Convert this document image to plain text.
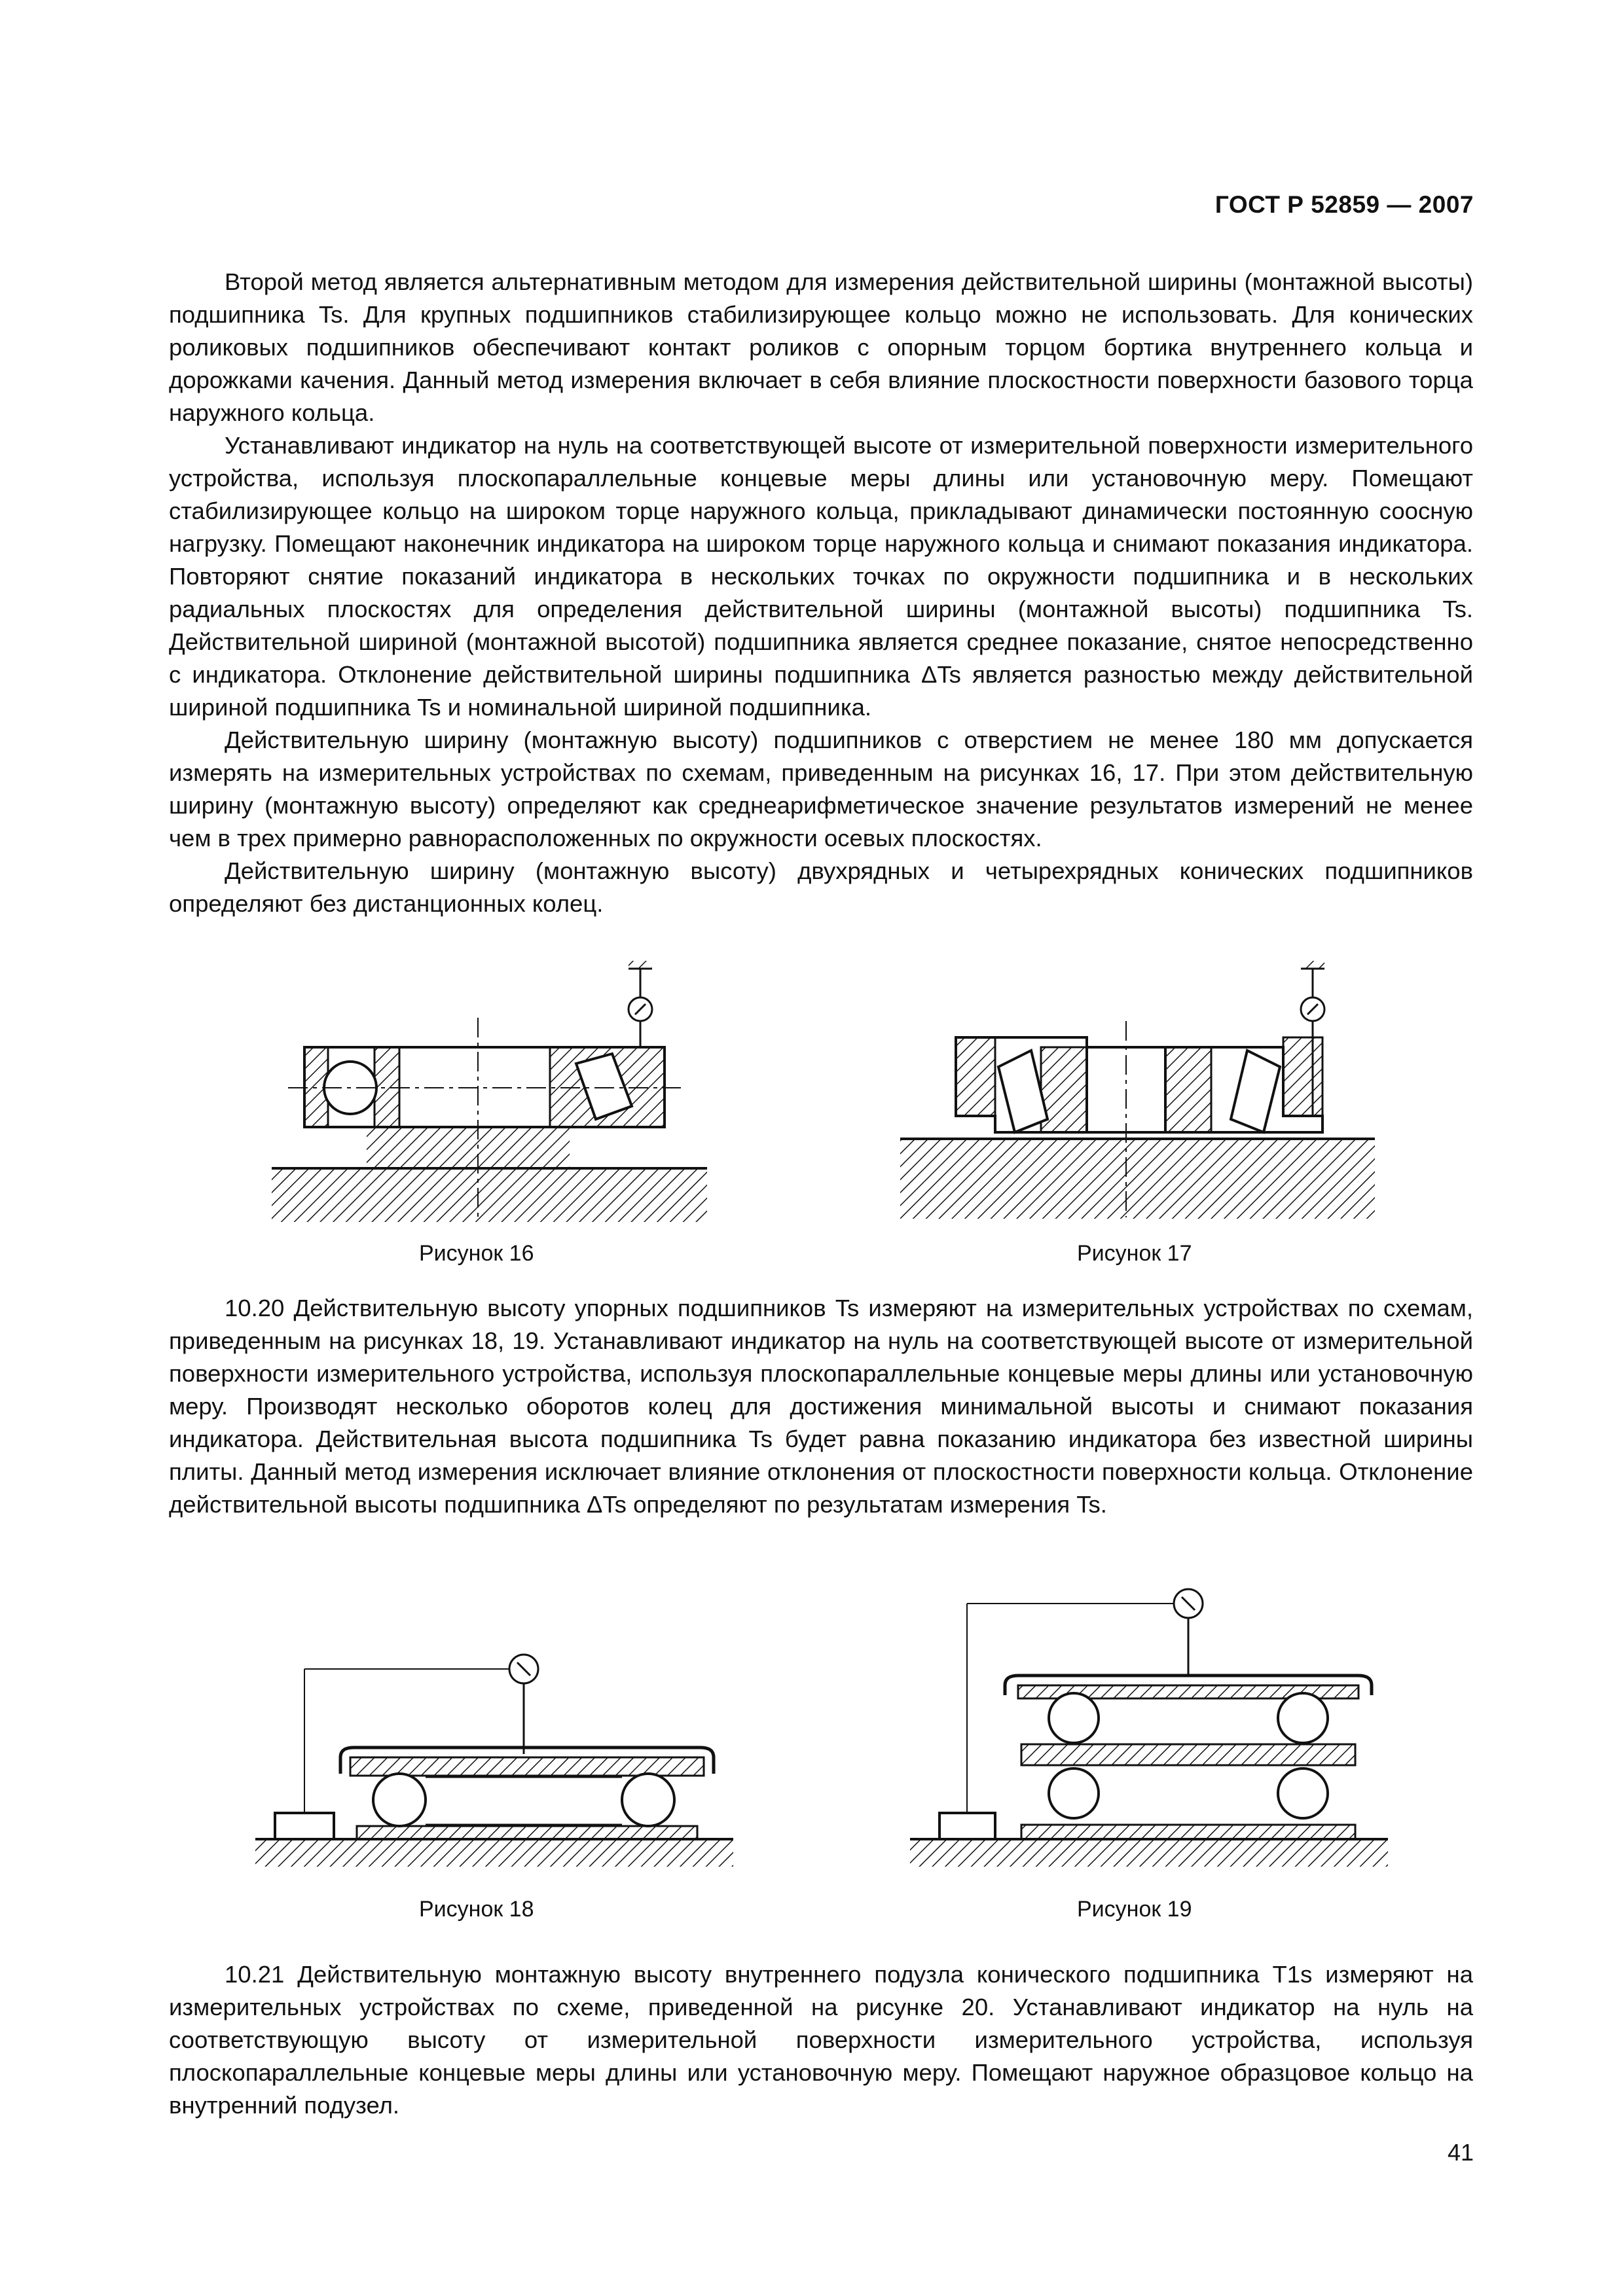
ГОСТ Р 52859 — 2007

Второй метод является альтернативным методом для измерения действительной ширины (монтажной высоты) подшипника Ts. Для крупных подшипников стабилизирующее кольцо можно не использовать. Для конических роликовых подшипников обеспечивают контакт роликов с опорным торцом бортика внутреннего кольца и дорожками качения. Данный метод измерения включает в себя влияние плоскостности поверхности базового торца наружного кольца.

Устанавливают индикатор на нуль на соответствующей высоте от измерительной поверхности измерительного устройства, используя плоскопараллельные концевые меры длины или установочную меру. Помещают стабилизирующее кольцо на широком торце наружного кольца, прикладывают динамически постоянную соосную нагрузку. Помещают наконечник индикатора на широком торце наружного кольца и снимают показания индикатора. Повторяют снятие показаний индикатора в нескольких точках по окружности подшипника и в нескольких радиальных плоскостях для определения действительной ширины (монтажной высоты) подшипника Ts. Действительной шириной (монтажной высотой) подшипника является среднее показание, снятое непосредственно с индикатора. Отклонение действительной ширины подшипника ΔTs является разностью между действительной шириной подшипника Ts и номинальной шириной подшипника.

Действительную ширину (монтажную высоту) подшипников с отверстием не менее 180 мм допускается измерять на измерительных устройствах по схемам, приведенным на рисунках 16, 17. При этом действительную ширину (монтажную высоту) определяют как среднеарифметическое значение результатов измерений не менее чем в трех примерно равнорасположенных по окружности осевых плоскостях.

Действительную ширину (монтажную высоту) двухрядных и четырехрядных конических подшипников определяют без дистанционных колец.

Рисунок 16	Рисунок 17

10.20 Действительную высоту упорных подшипников Ts измеряют на измерительных устройствах по схемам, приведенным на рисунках 18, 19. Устанавливают индикатор на нуль на соответствующей высоте от измерительной поверхности измерительного устройства, используя плоскопараллельные концевые меры длины или установочную меру. Производят несколько оборотов колец для достижения минимальной высоты и снимают показания индикатора. Действительная высота подшипника Ts будет равна показанию индикатора без известной ширины плиты. Данный метод измерения исключает влияние отклонения от плоскостности поверхности кольца. Отклонение действительной высоты подшипника ΔTs определяют по результатам измерения Ts.

Рисунок 18	Рисунок 19

10.21 Действительную монтажную высоту внутреннего подузла конического подшипника T1s измеряют на измерительных устройствах по схеме, приведенной на рисунке 20. Устанавливают индикатор на нуль на соответствующую высоту от измерительной поверхности измерительного устройства, используя плоскопараллельные концевые меры длины или установочную меру. Помещают наружное образцовое кольцо на внутренний подузел.

41
